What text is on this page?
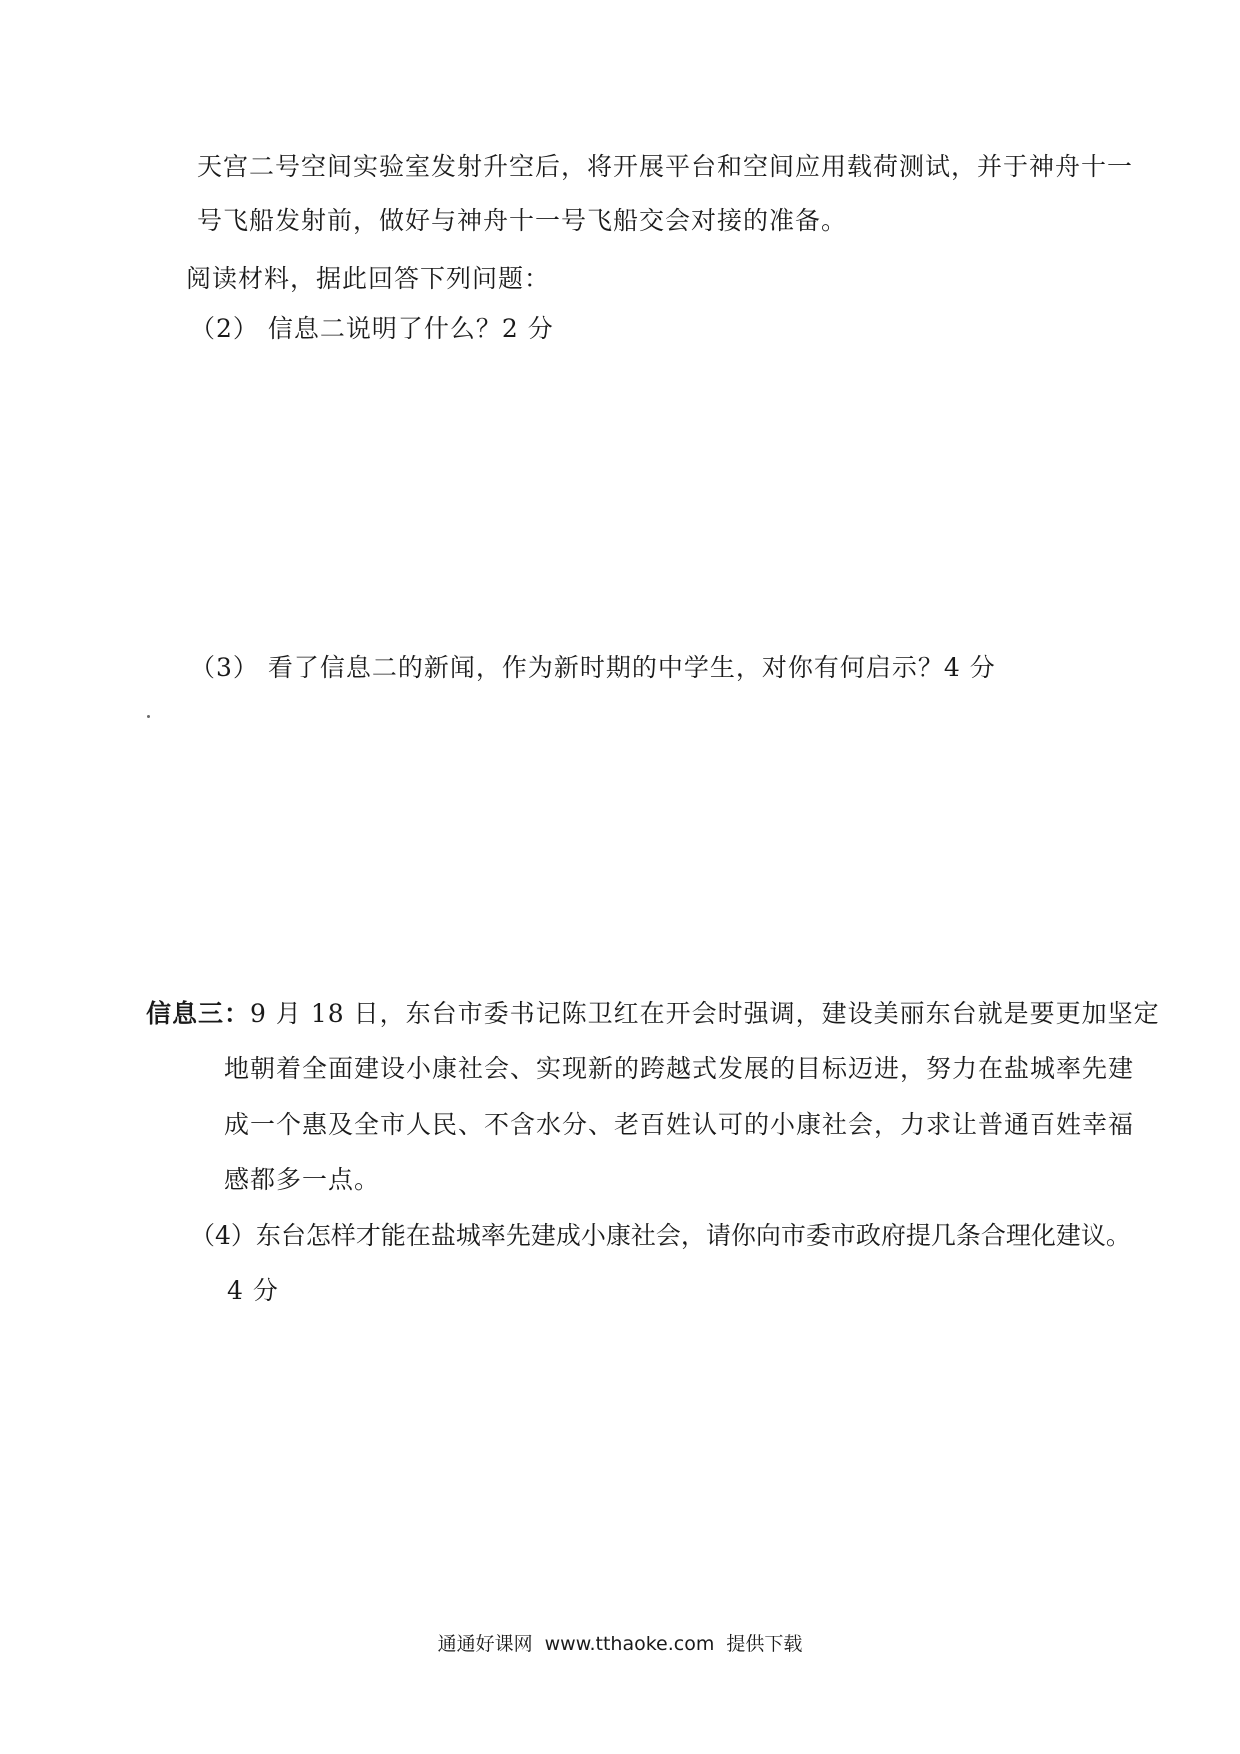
天宫二号空间实验室发射升空后，将开展平台和空间应用载荷测试，并于神舟十一
号飞船发射前，做好与神舟十一号飞船交会对接的准备。
阅读材料，据此回答下列问题：
（2） 信息二说明了什么？2 分
（3） 看了信息二的新闻，作为新时期的中学生，对你有何启示？4 分
信息三：9 月 18 日，东台市委书记陈卫红在开会时强调，建设美丽东台就是要更加坚定
地朝着全面建设小康社会、实现新的跨越式发展的目标迈进，努力在盐城率先建
成一个惠及全市人民、不含水分、老百姓认可的小康社会，力求让普通百姓幸福
感都多一点。
（4）东台怎样才能在盐城率先建成小康社会，请你向市委市政府提几条合理化建议。
4 分
通通好课网 www.tthaoke.com 提供下载
